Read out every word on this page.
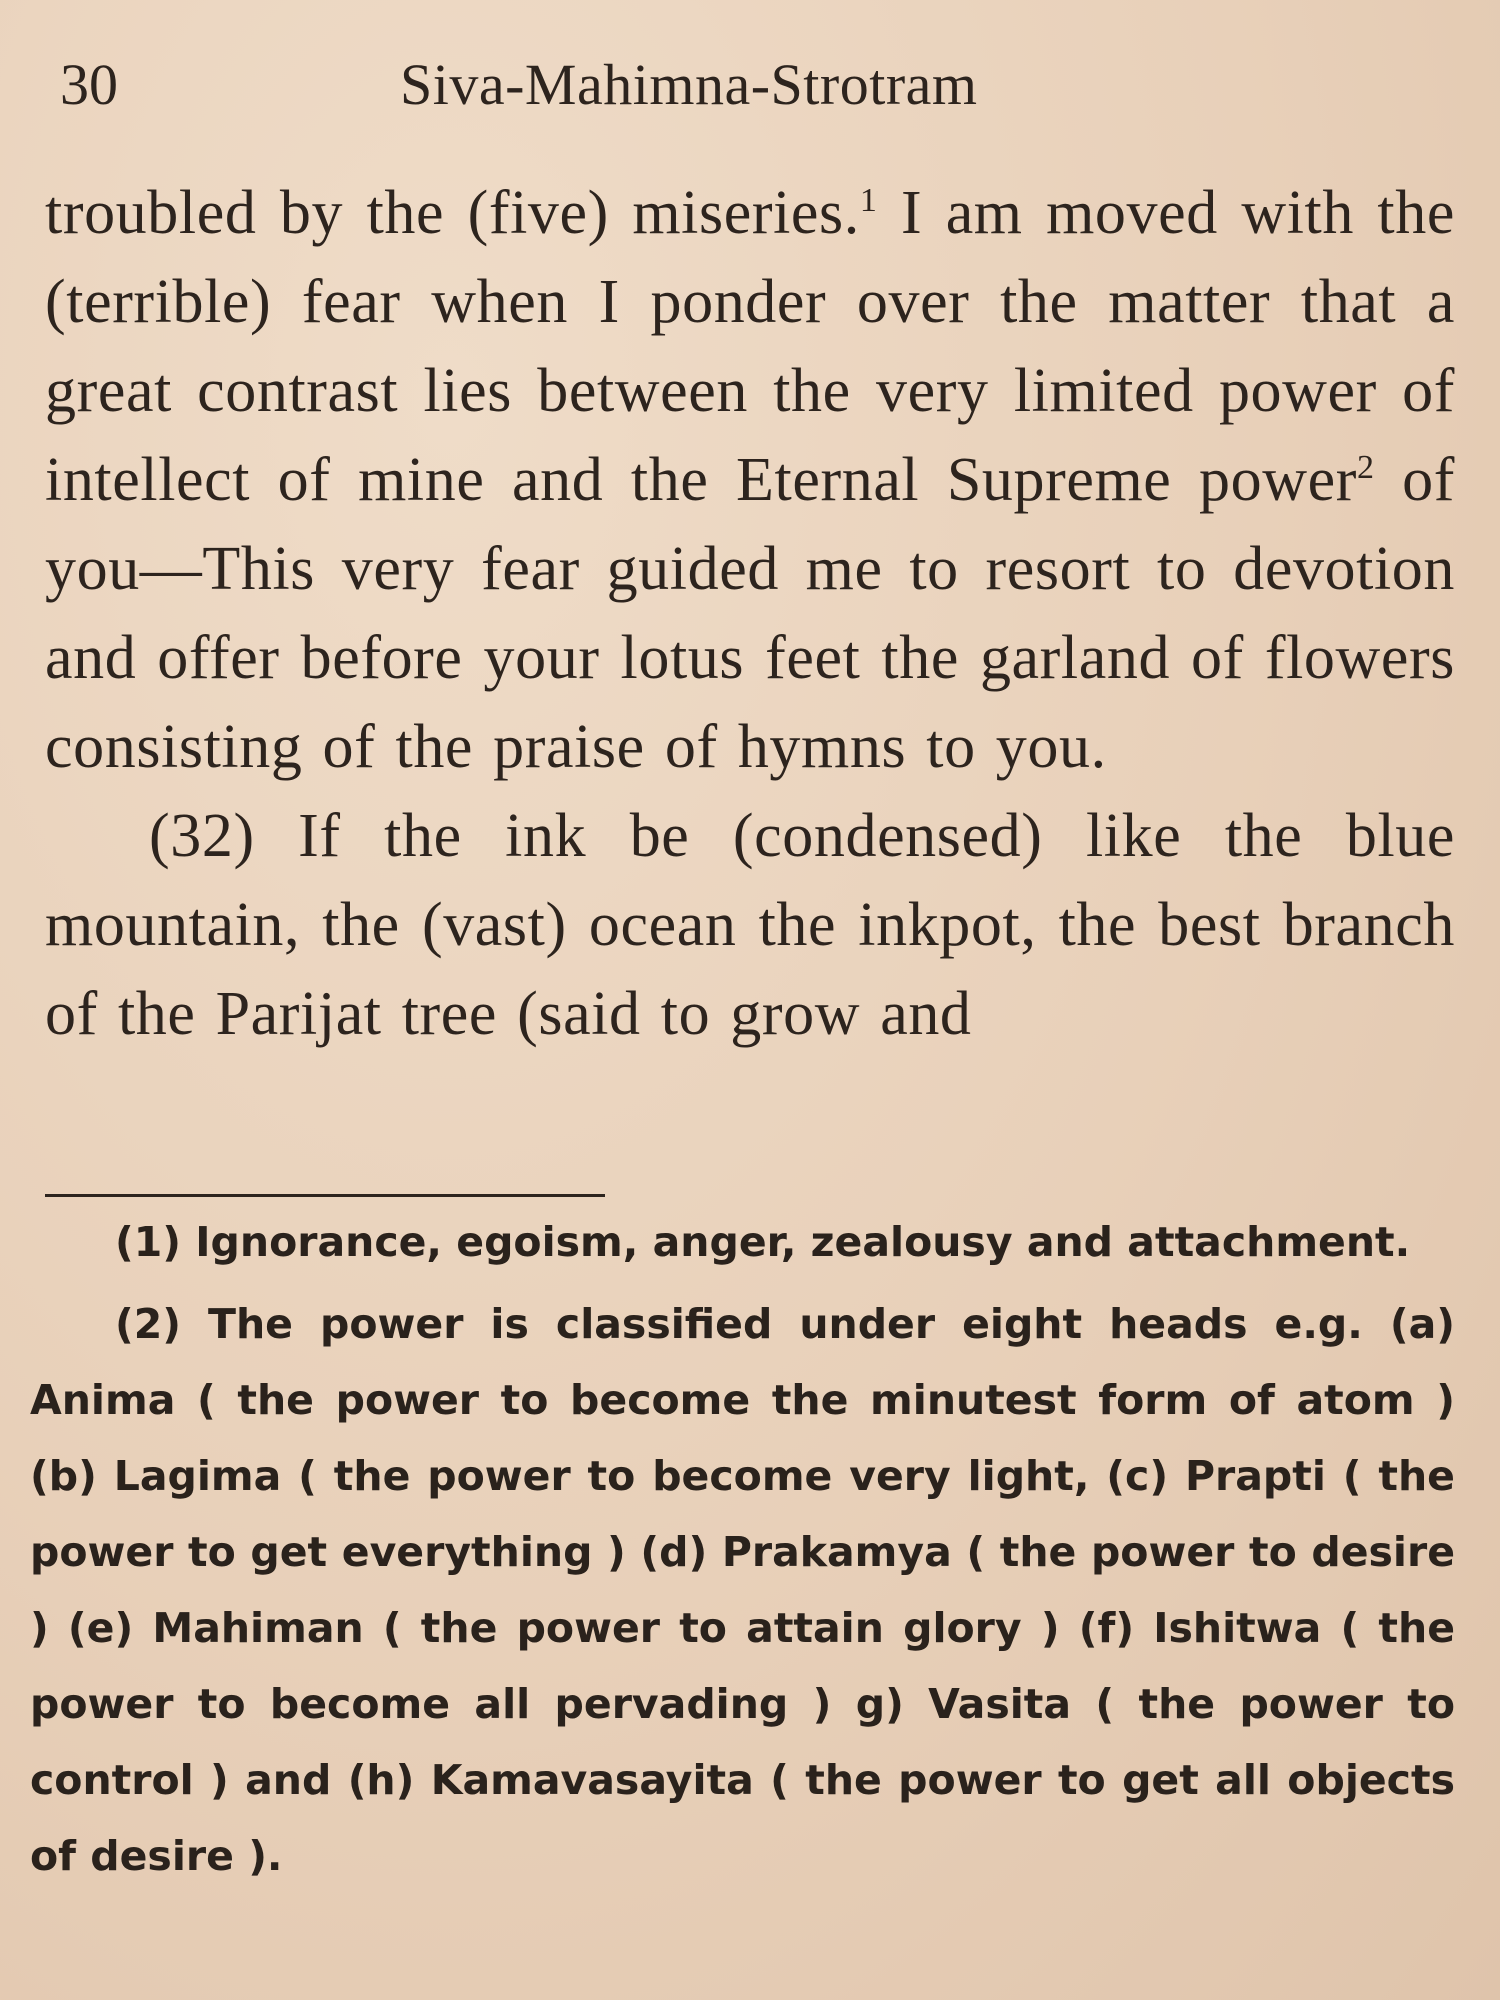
30	Siva-Mahimna-Strotram

troubled by the (five) miseries.$^1$ I am moved with the (terrible) fear when I ponder over the matter that a great contrast lies between the very limited power of intellect of mine and the Eternal Supreme power$^2$ of you—This very fear guided me to resort to devotion and offer before your lotus feet the garland of flowers consisting of the praise of hymns to you.

(32) If the ink be (condensed) like the blue mountain, the (vast) ocean the inkpot, the best branch of the Parijat tree (said to grow and

(1) Ignorance, egoism, anger, zealousy and attachment.

(2) The power is classified under eight heads e.g. (a) Anima ( the power to become the minutest form of atom ) (b) Lagima ( the power to become very light, (c) Prapti ( the power to get everything ) (d) Prakamya ( the power to desire ) (e) Mahiman ( the power to attain glory ) (f) Ishitwa ( the power to become all pervading ) g) Vasita ( the power to control ) and (h) Kamavasayita ( the power to get all objects of desire ).
